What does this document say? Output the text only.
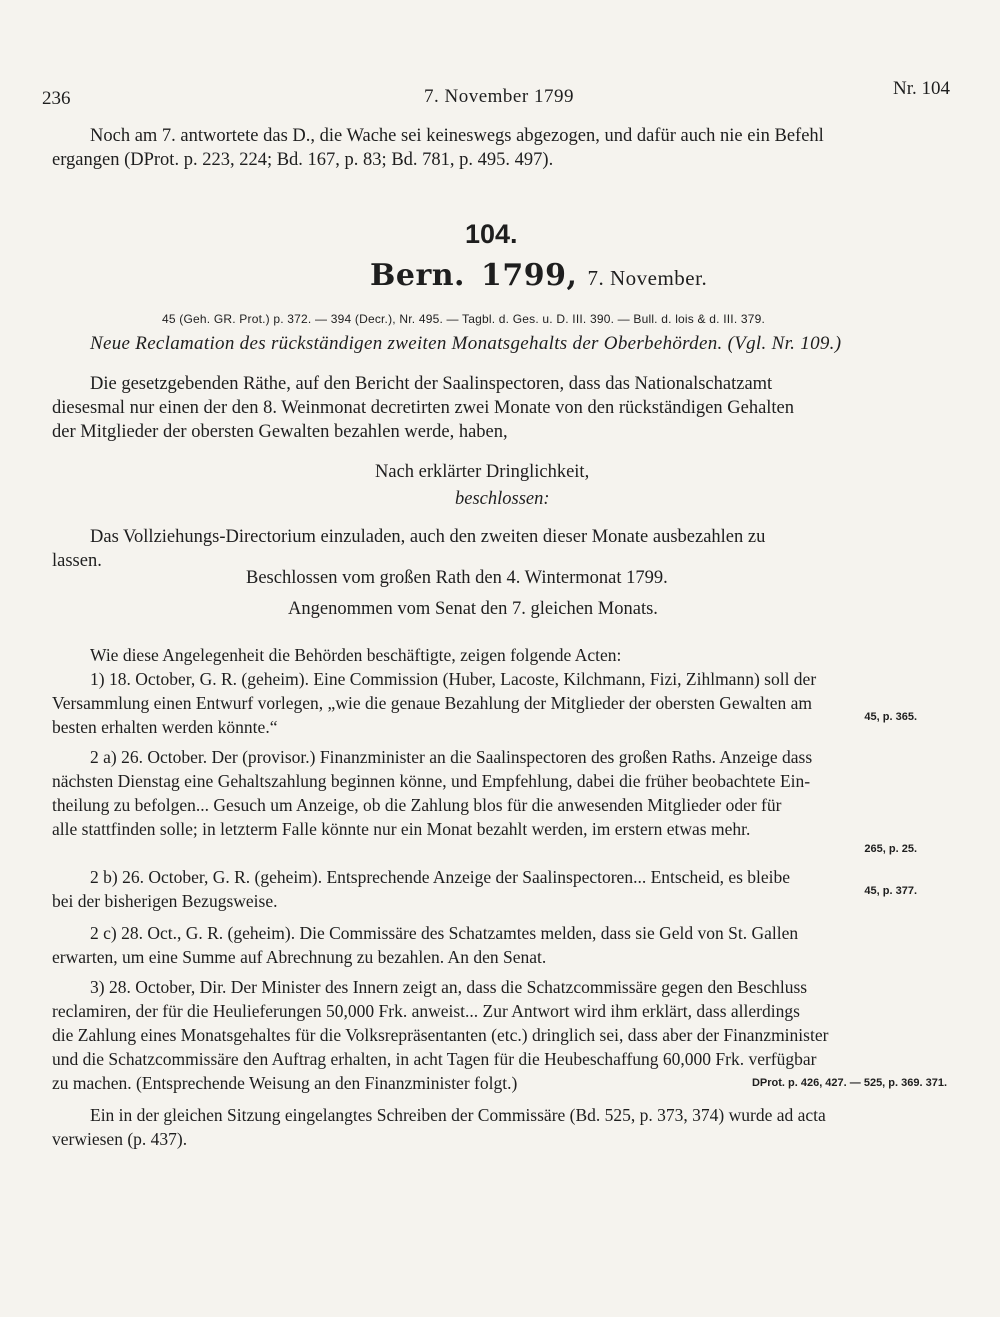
236	7. November 1799	Nr. 104
Noch am 7. antwortete das D., die Wache sei keineswegs abgezogen, und dafür auch nie ein Befehl
ergangen (DProt. p. 223, 224; Bd. 167, p. 83; Bd. 781, p. 495. 497).
104.
Bern. 1799, 7. November.
45 (Geh. GR. Prot.) p. 372. — 394 (Decr.), Nr. 495. — Tagbl. d. Ges. u. D. III. 390. — Bull. d. lois & d. III. 379.
Neue Reclamation des rückständigen zweiten Monatsgehalts der Oberbehörden. (Vgl. Nr. 109.)
Die gesetzgebenden Räthe, auf den Bericht der Saalinspectoren, dass das Nationalschatzamt
diesesmal nur einen der den 8. Weinmonat decretirten zwei Monate von den rückständigen Gehalten
der Mitglieder der obersten Gewalten bezahlen werde, haben,
Nach erklärter Dringlichkeit,
beschlossen:
Das Vollziehungs-Directorium einzuladen, auch den zweiten dieser Monate ausbezahlen zu
lassen.
Beschlossen vom großen Rath den 4. Wintermonat 1799.
Angenommen vom Senat den 7. gleichen Monats.
Wie diese Angelegenheit die Behörden beschäftigte, zeigen folgende Acten:
1) 18. October, G. R. (geheim). Eine Commission (Huber, Lacoste, Kilchmann, Fizi, Zihlmann) soll der
Versammlung einen Entwurf vorlegen, „wie die genaue Bezahlung der Mitglieder der obersten Gewalten am
besten erhalten werden könnte.“	45, p. 365.
2 a) 26. October. Der (provisor.) Finanzminister an die Saalinspectoren des großen Raths. Anzeige dass
nächsten Dienstag eine Gehaltszahlung beginnen könne, und Empfehlung, dabei die früher beobachtete Ein-
theilung zu befolgen... Gesuch um Anzeige, ob die Zahlung blos für die anwesenden Mitglieder oder für
alle stattfinden solle; in letzterm Falle könnte nur ein Monat bezahlt werden, im erstern etwas mehr.
265, p. 25.
2 b) 26. October, G. R. (geheim). Entsprechende Anzeige der Saalinspectoren... Entscheid, es bleibe
bei der bisherigen Bezugsweise.	45, p. 377.
2 c) 28. Oct., G. R. (geheim). Die Commissäre des Schatzamtes melden, dass sie Geld von St. Gallen
erwarten, um eine Summe auf Abrechnung zu bezahlen. An den Senat.
3) 28. October, Dir. Der Minister des Innern zeigt an, dass die Schatzcommissäre gegen den Beschluss
reclamiren, der für die Heulieferungen 50,000 Frk. anweist... Zur Antwort wird ihm erklärt, dass allerdings
die Zahlung eines Monatsgehaltes für die Volksrepräsentanten (etc.) dringlich sei, dass aber der Finanzminister
und die Schatzcommissäre den Auftrag erhalten, in acht Tagen für die Heubeschaffung 60,000 Frk. verfügbar
zu machen. (Entsprechende Weisung an den Finanzminister folgt.)	DProt. p. 426, 427. — 525, p. 369. 371.
Ein in der gleichen Sitzung eingelangtes Schreiben der Commissäre (Bd. 525, p. 373, 374) wurde ad acta
verwiesen (p. 437).
